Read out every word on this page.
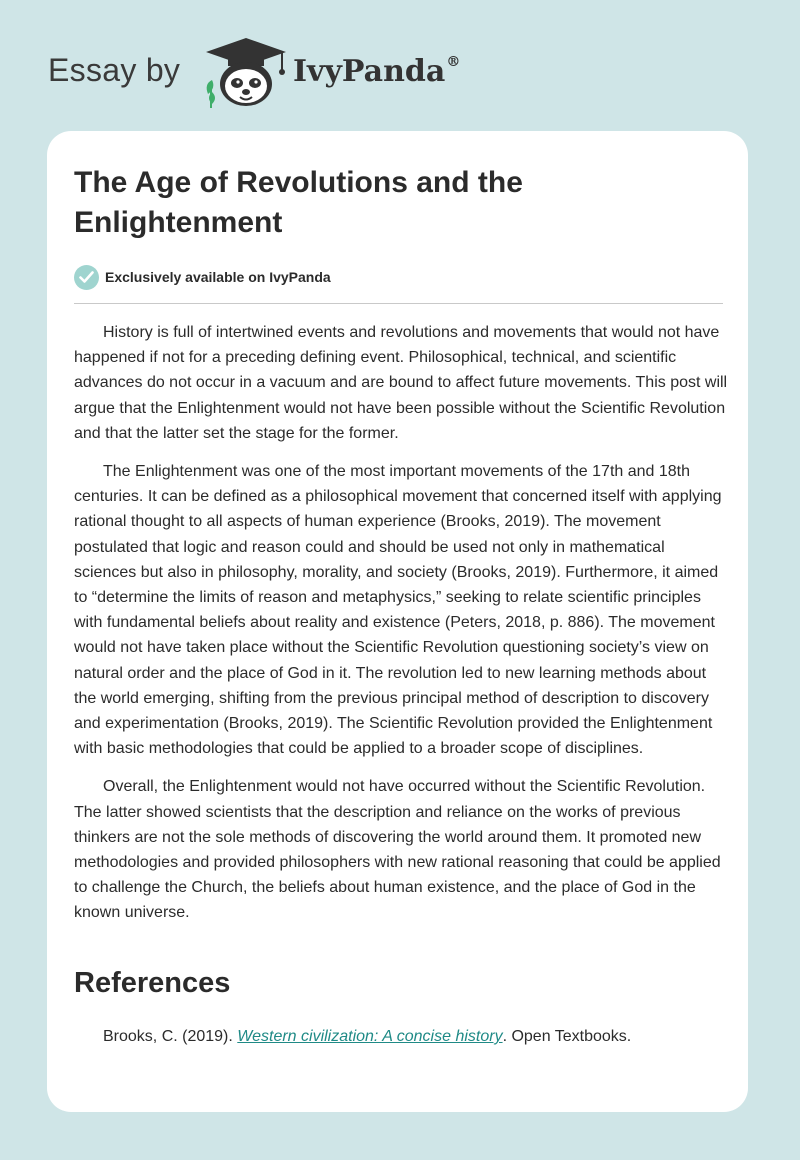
Essay by	IvyPanda®
The Age of Revolutions and the Enlightenment
Exclusively available on IvyPanda

History is full of intertwined events and revolutions and movements that would not have happened if not for a preceding defining event. Philosophical, technical, and scientific advances do not occur in a vacuum and are bound to affect future movements. This post will argue that the Enlightenment would not have been possible without the Scientific Revolution and that the latter set the stage for the former.

The Enlightenment was one of the most important movements of the 17th and 18th centuries. It can be defined as a philosophical movement that concerned itself with applying rational thought to all aspects of human experience (Brooks, 2019). The movement postulated that logic and reason could and should be used not only in mathematical sciences but also in philosophy, morality, and society (Brooks, 2019). Furthermore, it aimed to “determine the limits of reason and metaphysics,” seeking to relate scientific principles with fundamental beliefs about reality and existence (Peters, 2018, p. 886). The movement would not have taken place without the Scientific Revolution questioning society’s view on natural order and the place of God in it. The revolution led to new learning methods about the world emerging, shifting from the previous principal method of description to discovery and experimentation (Brooks, 2019). The Scientific Revolution provided the Enlightenment with basic methodologies that could be applied to a broader scope of disciplines.

Overall, the Enlightenment would not have occurred without the Scientific Revolution. The latter showed scientists that the description and reliance on the works of previous thinkers are not the sole methods of discovering the world around them. It promoted new methodologies and provided philosophers with new rational reasoning that could be applied to challenge the Church, the beliefs about human existence, and the place of God in the known universe.

References

Brooks, C. (2019). Western civilization: A concise history. Open Textbooks.
